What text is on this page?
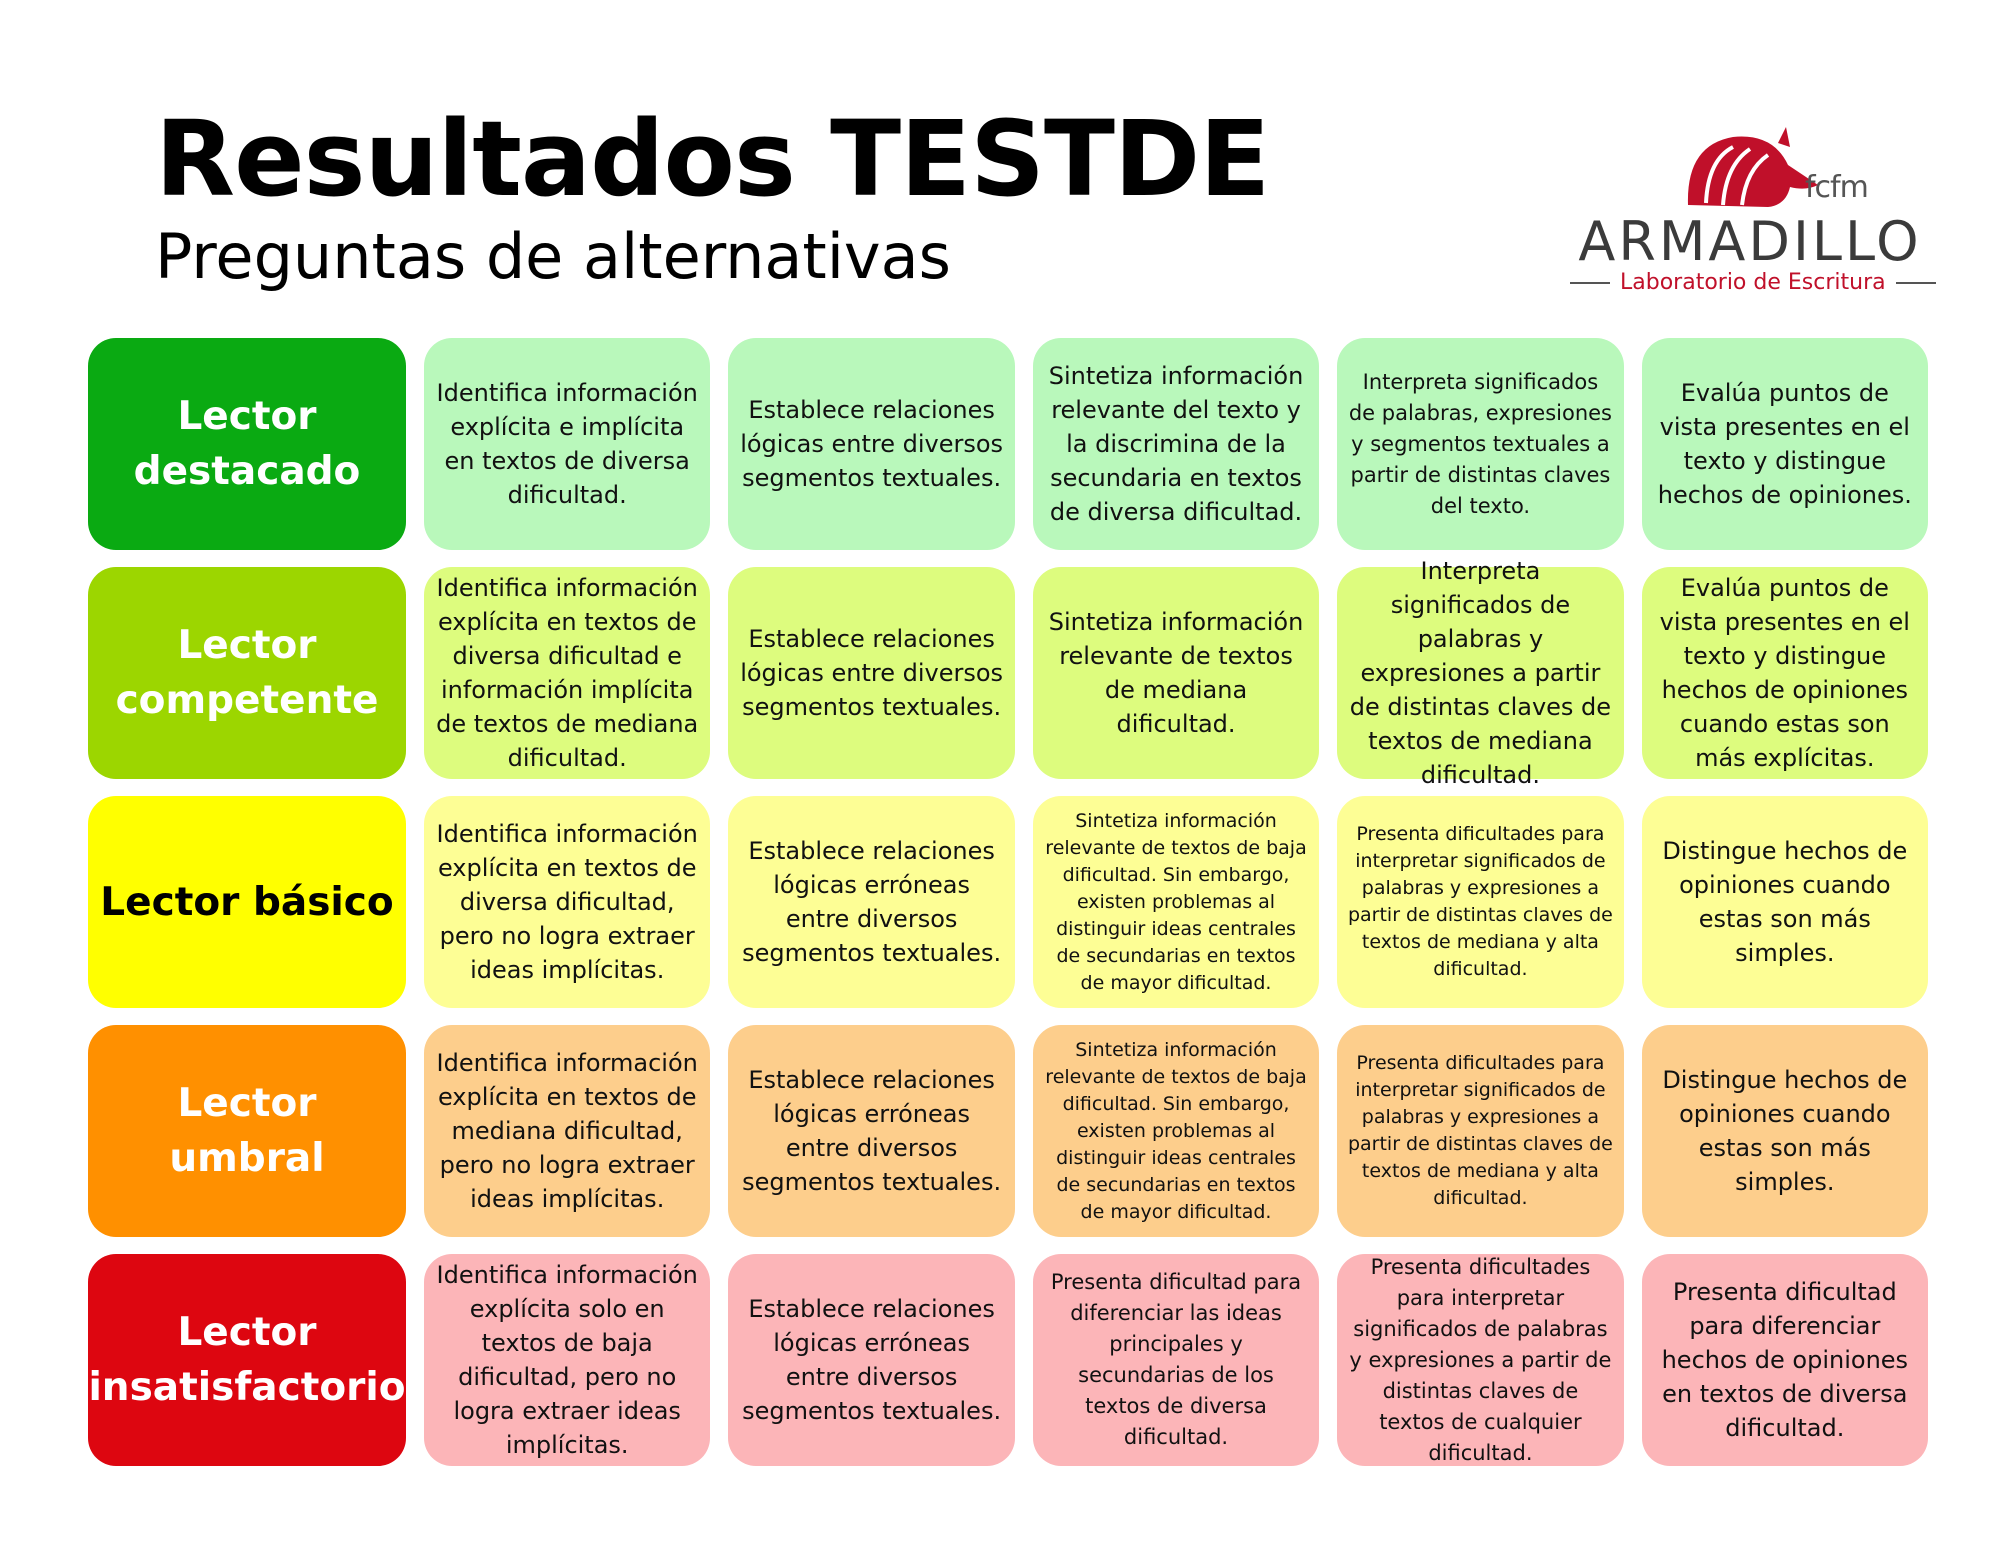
Resultados TESTDE
Preguntas de alternativas
fcfm
ARMADILLO
Laboratorio de Escritura
Lector destacado
Identifica información explícita e implícita en textos de diversa dificultad.
Establece relaciones lógicas entre diversos segmentos textuales.
Sintetiza información relevante del texto y la discrimina de la secundaria en textos de diversa dificultad.
Interpreta significados de palabras, expresiones y segmentos textuales a partir de distintas claves del texto.
Evalúa puntos de vista presentes en el texto y distingue hechos de opiniones.
Lector competente
Identifica información explícita en textos de diversa dificultad e información implícita de textos de mediana dificultad.
Establece relaciones lógicas entre diversos segmentos textuales.
Sintetiza información relevante de textos de mediana dificultad.
Interpreta significados de palabras y expresiones a partir de distintas claves de textos de mediana dificultad.
Evalúa puntos de vista presentes en el texto y distingue hechos de opiniones cuando estas son más explícitas.
Lector básico
Identifica información explícita en textos de diversa dificultad, pero no logra extraer ideas implícitas.
Establece relaciones lógicas erróneas entre diversos segmentos textuales.
Sintetiza información relevante de textos de baja dificultad. Sin embargo, existen problemas al distinguir ideas centrales de secundarias en textos de mayor dificultad.
Presenta dificultades para interpretar significados de palabras y expresiones a partir de distintas claves de textos de mediana y alta dificultad.
Distingue hechos de opiniones cuando estas son más simples.
Lector umbral
Identifica información explícita en textos de mediana dificultad, pero no logra extraer ideas implícitas.
Establece relaciones lógicas erróneas entre diversos segmentos textuales.
Sintetiza información relevante de textos de baja dificultad. Sin embargo, existen problemas al distinguir ideas centrales de secundarias en textos de mayor dificultad.
Presenta dificultades para interpretar significados de palabras y expresiones a partir de distintas claves de textos de mediana y alta dificultad.
Distingue hechos de opiniones cuando estas son más simples.
Lector insatisfactorio
Identifica información explícita solo en textos de baja dificultad, pero no logra extraer ideas implícitas.
Establece relaciones lógicas erróneas entre diversos segmentos textuales.
Presenta dificultad para diferenciar las ideas principales y secundarias de los textos de diversa dificultad.
Presenta dificultades para interpretar significados de palabras y expresiones a partir de distintas claves de textos de cualquier dificultad.
Presenta dificultad para diferenciar hechos de opiniones en textos de diversa dificultad.
